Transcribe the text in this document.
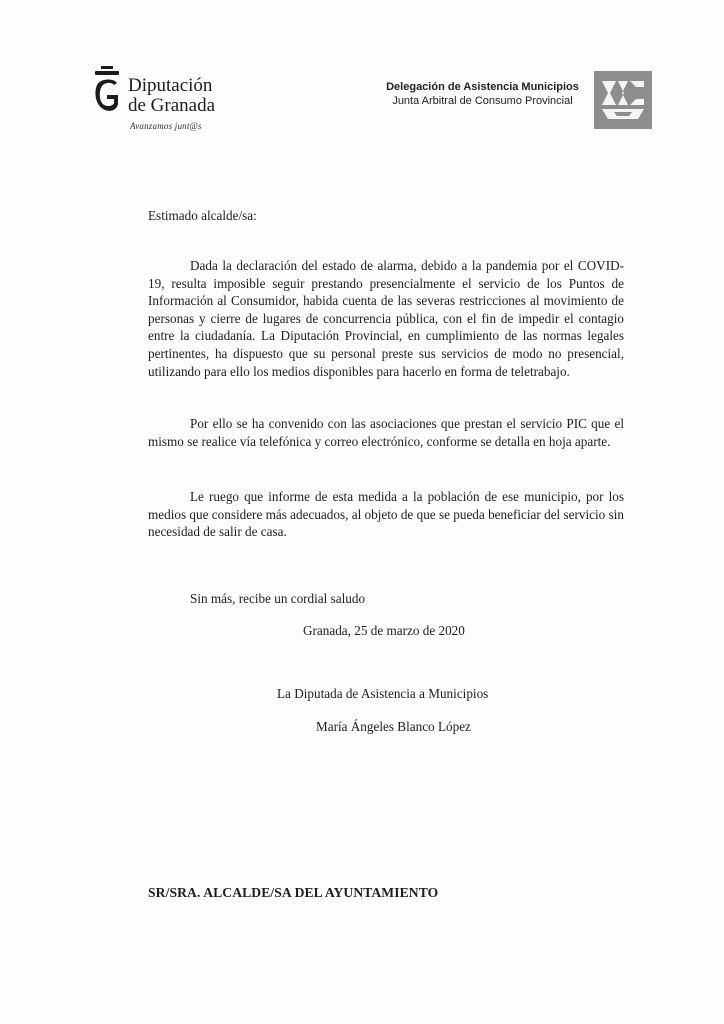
Diputación
de Granada
Avanzamos junt@s
Delegación de Asistencia Municipios
Junta Arbitral de Consumo Provincial
Estimado alcalde/sa:

Dada la declaración del estado de alarma, debido a la pandemia por el COVID-19, resulta imposible seguir prestando presencialmente el servicio de los Puntos de Información al Consumidor, habida cuenta de las severas restricciones al movimiento de personas y cierre de lugares de concurrencia pública, con el fin de impedir el contagio entre la ciudadanía. La Diputación Provincial, en cumplimiento de las normas legales pertinentes, ha dispuesto que su personal preste sus servicios de modo no presencial, utilizando para ello los medios disponibles para hacerlo en forma de teletrabajo.

Por ello se ha convenido con las asociaciones que prestan el servicio PIC que el mismo se realice vía telefónica y correo electrónico, conforme se detalla en hoja aparte.

Le ruego que informe de esta medida a la población de ese municipio, por los medios que considere más adecuados, al objeto de que se pueda beneficiar del servicio sin necesidad de salir de casa.

Sin más, recibe un cordial saludo
Granada, 25 de marzo de 2020
La Diputada de Asistencia a Municipios
María Ángeles Blanco López
SR/SRA. ALCALDE/SA DEL AYUNTAMIENTO
